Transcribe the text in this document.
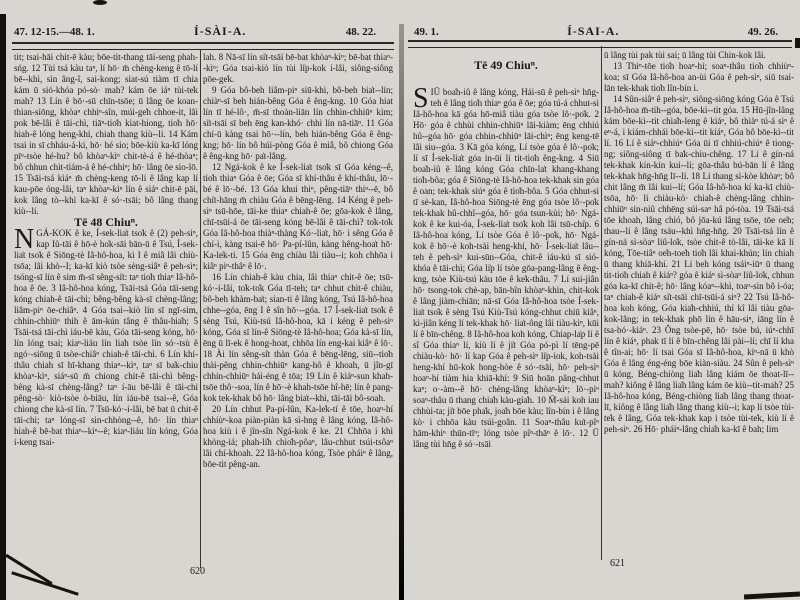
47. 12-15.—48. 1.	Í-SÀI-A.	48. 22.	49. 1.	Í-SAI-A.	49. 26.

tit; tsai-hāi chit-ē kàu; bōe-tit-thang tāi-seng phah-sńg. 12 Tùi tsá kàu taⁿ, lí hō· m̄ chèng-keng ê tō-lí bē--khì, sìn âng-î, sai-kong; siat-sú tiàm tī chia kám ū sió-khóa pó-sò· mah? kám ōe iáⁿ tùi-te̍k mah? 13 Lín ê bō·-sū chīn-tsōe; ū lâng ōe koan-thian-siōng, khòaⁿ chhiⁿ-sîn, múi-ge̍h chhoe-it, lâi pok bē-lâi ê tāi-chì, tiāⁿ-tio̍h kiat-hiong, tio̍h hō· hiah-ê lóng heng-khí, chiah thang kiù--lí. 14 Kám tsai in sī chháu-á-ki, hō· hé sio; bōe-kiù ka-kī lóng pīⁿ-tsòe hé-hu? bô khòaⁿ-kìⁿ chit-tè-á ê hé-thòaⁿ; bô chhun chit-tiám-á ê hé-chhiⁿ; hō· lâng ōe sio-lō. 15 Tsāi-tsá kiáⁿ m̄ chèng-keng tō-lí ê lâng kap lí kau-pōe óng-lâi, taⁿ khòaⁿ-kìⁿ lín ê siáⁿ chit-ē pāi, kok lâng tò--khì ka-kī ê só·-tsāi; bô lâng thang kiù--lí.

Tē 48 Chiuⁿ.

NGÁ-KOK ê ke, Í-sek-lia̍t tso̍k ê (2) peh-sìⁿ, kap Iû-tāi ê hō-è ho̍k-sāi bān-ū ê Tsú, Í-sek-lia̍t tso̍k ê Siōng-tè Iâ-hô-hoa, kì I ê miâ lâi chiù-tsōa; lâi khò--I; ka-kī kiò tsòe sèng-siâⁿ ê peh-sìⁿ; tsóng-sī lín ê sim m̄-sī sêng-si̍t: taⁿ tio̍h thiaⁿ Iâ-hô-hoa ê ōe. 3 Iâ-hô-hoa kóng, Tsāi-tsá Góa tāi-seng kóng chiah-ê tāi-chì; bêng-bêng kà-sī chèng-lâng; liâm-piⁿ ōe-chiâⁿ. 4 Góa tsai--kiò lín sī ngī-sim, chhin-chhiūⁿ thih ê ām-kún tâng ê thâu-hia̍h; 5 Tsāi-tsá tāi-chì iáu-bē kàu, Góa tāi-seng kóng, hō· lín lóng tsai; kiaⁿ-liáu lín lia̍h tsòe lín só·-tsù ê ngó·-siōng ū tsòe-chiâⁿ chiah-ê tāi-chì. 6 Lín khí-thâu chiah sī hī-khang thiaⁿ--kìⁿ, taⁿ sī ba̍k-chiu khòaⁿ-kìⁿ, siáⁿ-sū m̄ chiong chit-ê tāi-chì bêng-bêng kà-sī chèng-lâng? taⁿ í-āu bē-lâi ê tāi-chì pêng-sò· kiò-tsòe ò-biāu, lín iáu-bē tsai--ê, Góa chiong che kà-sī lín. 7 Tsū-kó·-í-lâi, bē bat ū chit-ê tāi-chì; taⁿ lóng-sī sin-chhòng--ê, hō· lín thiaⁿ hiah-ê bē-bat thiaⁿ--kìⁿ--ê; kiaⁿ-liáu lín kóng, Góa í-keng tsai-

lah. 8 Nā-sī lín si̍t-tsāi bē-bat khòaⁿ-kìⁿ; bē-bat thiaⁿ--kìⁿ; Góa tsai-kiò lín tùi li̍p-kok í-lâi, siông-siông pōe-ge̍k.

9 Góa bô-beh liâm-piⁿ siū-khì, bô-beh bia̍t--lín; chiàⁿ-sī beh hián-bêng Góa ê êng-kng. 10 Góa hiat lín tī hé-lô·, m̄-sī thoàn-liān lín chhin-chhiūⁿ kim; si̍t-tsāi sī beh ēng kan-khó· chhì lín nā-tiāⁿ. 11 Góa chí-ū kàng tsai hō·--lín, beh hián-bêng Góa ê êng-kng; hō· lín bô húi-pòng Góa ê miâ, bô chiong Góa ê êng-kng hō· pa̍t-lâng.

12 Ngá-kok ê ke Í-sek-lia̍t tso̍k sī Góa kéng--ê, tio̍h thiaⁿ Góa ê ōe; Góa sī khí-thâu ê khí-thâu, lō·-bé ê lō·-bé. 13 Góa khui thiⁿ, pêng-tiāⁿ thiⁿ--ē, bô chi̍t-hāng m̄ chiàu Góa ê bēng-lēng. 14 Kéng ê peh-sìⁿ tsū-hōe, tāi-ke thiaⁿ chiah-ê ōe; gōa-kok ê lâng, chī-tsūi-á ōe tāi-seng kóng bē-lâi ê tāi-chì? to̍k-to̍k Góa Iâ-hô-hoa thiàⁿ-thàng Kó·-lia̍t, hō· i sêng Góa ê chí-ì, kàng tsai-ē hō· Pa-pí-lûn, kàng hêng-hoa̍t hō· Ka-le̍k-tí. 15 Góa ēng chiàu lâi tiàu--i; koh chhōa i kiâⁿ piⁿ-thâⁿ ê lō·.

16 Lín chiah-ê kàu chia, lâi thiaⁿ chit-ê ōe; tsū-kó·-í-lâi, to̍k-to̍k Góa tī-teh; taⁿ chhut chit-ê chiàu, bô-beh khàm-ba̍t; sian-ti ê lâng kóng, Tsú Iâ-hô-hoa chhe--góa, ēng I ê sîn hō·--góa. 17 Í-sek-lia̍t tso̍k ê sèng Tsú, Kiù-tsú Iâ-hô-hoa, kā i kéng ê peh-sìⁿ kóng, Góa sī lín-ê Siōng-tè Iâ-hô-hoa; Góa kà-sī lín, ēng ū lī-ek ê hong-hoat, chhōa lín eng-kai kiâⁿ ê lō·. 18 Ài lín sêng-si̍t thàn Góa ê bēng-lēng, siū--tio̍h thài-pêng chhin-chhiūⁿ kang-hô ê khoah, ū jîn-gī chhin-chhiūⁿ hái-éng ê tōa; 19 Lín ê kiáⁿ-sun khah-tsōe thô·-soa, lín ê hō·-è khah-tsōe hî-hē; lín ê pang-kok tek-khak bô hō· lâng bia̍t--khì, tāi-tāi bô-soah.

20 Lín chhut Pa-pí-lûn, Ka-le̍k-tí ê tōe, hoaⁿ-hí chhiùⁿ-koa piàn-piàn kā sì-hng ê lâng kóng, Iâ-hô-hoa kiù i ê jîn-sîn Ngá-kok ê ke. 21 Chhōa i khì khòng-iá; phah-li̍h chio̍h-pôaⁿ, lâu-chhut tsúi-tsôaⁿ lâi chí-khoah. 22 Iâ-hô-hoa kóng, Tsòe pháiⁿ ê lâng, bōe-tit pêng-an.

Tē 49 Chiuⁿ.

SIŪ boa̍h-iû ê lâng kóng, Hái-sū ê peh-sìⁿ hn̄g-teh ê lâng tio̍h thiaⁿ góa ê ōe; góa tú-á chhut-sì Iâ-hô-hoa kā góa hō-miâ tiàu góa tsòe lô·-po̍k. 2 Hō· góa ê chhùi chhin-chhiūⁿ lāi-kiàm; ēng chhiú hû--góa hō· góa chhin-chhiūⁿ lāi-chìⁿ; ēng keng-tē lâi siu--góa. 3 Kā góa kóng, Lí tsòe góa ê lô·-po̍k; lí sī Í-sek-lia̍t góa in-ūi lí tit-tio̍h êng-kng. 4 Siū boa̍h-iû ê lâng kóng Góa chīn-la̍t khang-khang tio̍h-bôa; góa ê Siōng-tè Iâ-hô-hoa tek-khak sin góa ê oan; tek-khak siúⁿ góa ê tio̍h-bôa. 5 Góa chhut-sì tī sè-kan, Iâ-hô-hoa Siōng-tè ēng góa tsòe lô·-po̍k tek-khak hû-chhî--góa, hō· góa tsun-kùi; hō· Ngá-kok ê ke kui-óa, Í-sek-lia̍t tso̍k koh lâi tsū-chi̍p. 6 Iâ-hô-hoa kóng, Lí tsòe Góa ê lô·-po̍k, hō· Ngá-kok ê hō·-è koh-tsài heng-khí, hō· Í-sek-lia̍t lâu--teh ê peh-sìⁿ kui-sūn--Góa, chit-ê iáu-kú sī sió-khóa ê tāi-chì; Góa li̍p lí tsòe gōa-pang-lâng ê êng-kng, tsòe Kiù-tsú kàu tōe ê ke̍k-thâu. 7 Lí sui-jiân hō· tsong-tok chè-ap, bān-bîn khòaⁿ-khin, chit-kok ê lâng jiàm-chiān; nā-sī Góa Iâ-hô-hoa tsòe Í-sek-lia̍t tso̍k ê sèng Tsú Kiù-Tsú kóng-chhut chiū kiâⁿ, kì-jiân kéng lí tek-khak hō· lia̍t-ông lâi tiàu-kìⁿ, kūi lí ê bīn-chêng. 8 Iâ-hô-hoa koh kóng, Chiap-la̍p lí ê sî Góa thiaⁿ lí, kiù lí ê ji̍t Góa pó-pì lí tēng-pē chiàu-kò· hō· lí kap Góa ê peh-sìⁿ li̍p-iok, koh-tsài heng-khí hū-kok hong-hòe ê só·-tsāi, hō· peh-sìⁿ hoaⁿ-hí tiàm hia khiā-khí: 9 Siū hoān pâng-chhut kaⁿ; o·-àm--ê hō· chèng-lâng khòaⁿ-kìⁿ; lō·-piⁿ soaⁿ-thâu ū thang chia̍h kàu-gia̍h. 10 M̄-sái koh iau chhùi-ta; ji̍t bōe pha̍k, joa̍h bōe kàu; lîn-bín i ê lâng kò· i chhōa kàu tsúi-goân. 11 Soaⁿ-thâu ku̍t-pîⁿ hām-khiⁿ thūn-tīⁿ; lóng tsòe pîⁿ-thāⁿ ê lō·. 12 Ū lâng tùi hn̄g ê só·-tsāi

ū lâng tùi pak tùi sai; ū lâng tùi Chin-kok lâi.

13 Thiⁿ-tōe tio̍h hoaⁿ-hí; soaⁿ-thâu tio̍h chhiùⁿ-koa; sī Góa Iâ-hô-hoa an-ùi Góa ê peh-sìⁿ, siū tsai-lān tek-khak tio̍h lîn-bín i.

14 Sûn-siâⁿ ê peh-sìⁿ, siông-siōng kóng Góa ê Tsú Iâ-hô-hoa m̄-tih--góa, bōe-kì--tit góa. 15 Hū-jîn-lâng kám bōe-kì--tit chia̍h-leng ê kiáⁿ, bô thiàⁿ tú-á siⁿ ê eⁿ-á, i kiám-chhái bōe-kì--tit kiáⁿ, Góa bô bōe-kì--tit lí. 16 Lí ê siáⁿ-chhiúⁿ Góa ūi tī chhiú-chiúⁿ ê tiong-ng; siông-siông tī ba̍k-chiu-chêng. 17 Lí ê gín-ná tek-khak kín-kín kui--lí; gōa-thâu bú-bān lí ê lâng tek-khak hn̄g-hn̄g lī--lí. 18 Lí thang sì-kòe khòaⁿ; bô chit lâng m̄ lâi kui--lí; Góa Iâ-hô-hoa kí ka-kī chiù-tsōa, hō· lí chiàu-kò· chiah-ê chèng-lâng chhin-chhiūⁿ sin-niû chhēng súi-saⁿ hâ pó-tòa. 19 Tsāi-tsá tōe khoah, lâng chió, bô jōa-kú lâng tsōe, tōe oe̍h; thau--lí ê lâng tsáu--khì hn̄g-hn̄g. 20 Tsāi-tsá lín ê gín-ná sì-sòaⁿ liû-lo̍k, tsòe chit-ê tò-lâi, tāi-ke kā lí kóng, Tōe-tiâⁿ oe̍h-toe̍h tio̍h lâi khai-khún; lín chiah ū thang khiā-khí. 21 Lí beh kóng tsáiⁿ-iūⁿ ū thang tit-tio̍h chiah ê kiáⁿ? góa ê kiáⁿ sì-sòaⁿ liû-lo̍k, chhun góa ka-kī chit-ê; hō· lâng kóaⁿ--khì, toaⁿ-sin bô i-óa; taⁿ chiah-ê kiáⁿ si̍t-tsāi chī-tsūi-á siⁿ? 22 Tsú Iâ-hô-hoa koh kóng, Góa kia̍h-chhiú, thí kî lâi tiàu gōa-kok-lâng; in tek-khak phō lín ê hāu-siⁿ, iāng lín ê tsa-bó·-kiáⁿ. 23 Ông tsòe-pē, hō· tsòe bú, iúⁿ-chhī lín ê kiáⁿ, phak tī lí ê bīn-chêng lâi pài--lí; chī lí kha ê tîn-ai; hō· lí tsai Góa sī Iâ-hô-hoa, kìⁿ-nā ū khò Góa ê lâng éng-éng bōe kiàn-siàu. 24 Sûn ê peh-sìⁿ ū kóng, Béng-chiòng lia̍h lâng kiám ōe thoat-lī--mah? kiông ê lâng lia̍h lâng kám ōe kiù--tit-mah? 25 Iâ-hô-hoa kóng, Béng-chiòng lia̍h lâng thang thoat-lī, kiông ê lâng lia̍h lâng thang kiù--i; kap lí tsòe tùi-te̍k ê lâng, Góa tek-khak kap i tsòe tùi-te̍k, kiù lí ê peh-sìⁿ. 26 Hō· pháiⁿ-lâng chia̍h ka-kī ê bah; lim

620
621
